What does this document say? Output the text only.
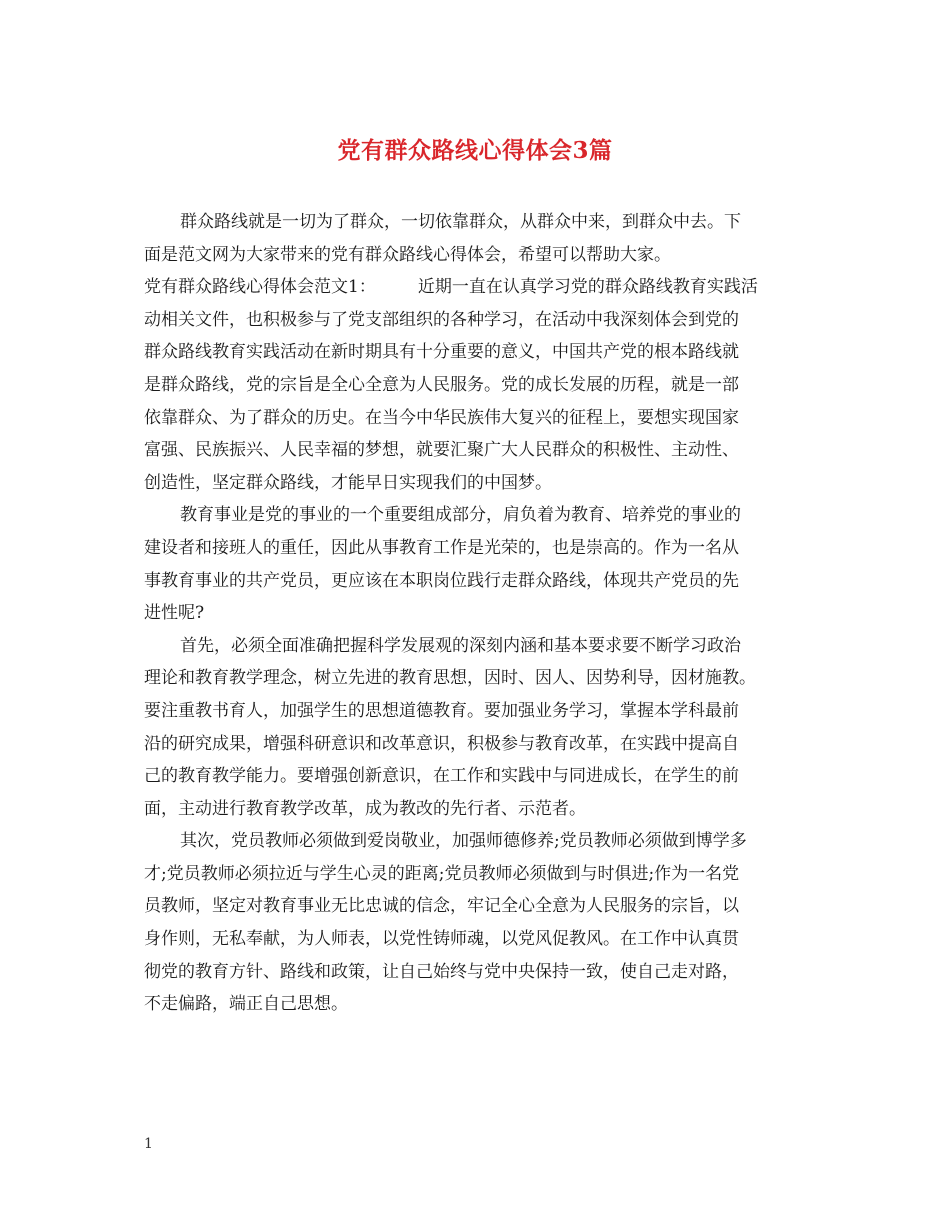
党有群众路线心得体会3篇
群众路线就是一切为了群众，一切依靠群众，从群众中来，到群众中去。下
面是范文网为大家带来的党有群众路线心得体会，希望可以帮助大家。
党有群众路线心得体会范文1： 近期一直在认真学习党的群众路线教育实践活
动相关文件，也积极参与了党支部组织的各种学习，在活动中我深刻体会到党的
群众路线教育实践活动在新时期具有十分重要的意义，中国共产党的根本路线就
是群众路线，党的宗旨是全心全意为人民服务。党的成长发展的历程，就是一部
依靠群众、为了群众的历史。在当今中华民族伟大复兴的征程上，要想实现国家
富强、民族振兴、人民幸福的梦想，就要汇聚广大人民群众的积极性、主动性、
创造性，坚定群众路线，才能早日实现我们的中国梦。
教育事业是党的事业的一个重要组成部分，肩负着为教育、培养党的事业的
建设者和接班人的重任，因此从事教育工作是光荣的，也是崇高的。作为一名从
事教育事业的共产党员，更应该在本职岗位践行走群众路线，体现共产党员的先
进性呢?
首先，必须全面准确把握科学发展观的深刻内涵和基本要求要不断学习政治
理论和教育教学理念，树立先进的教育思想，因时、因人、因势利导，因材施教。
要注重教书育人，加强学生的思想道德教育。要加强业务学习，掌握本学科最前
沿的研究成果，增强科研意识和改革意识，积极参与教育改革，在实践中提高自
己的教育教学能力。要增强创新意识，在工作和实践中与同进成长，在学生的前
面，主动进行教育教学改革，成为教改的先行者、示范者。
其次，党员教师必须做到爱岗敬业，加强师德修养;党员教师必须做到博学多
才;党员教师必须拉近与学生心灵的距离;党员教师必须做到与时俱进;作为一名党
员教师，坚定对教育事业无比忠诚的信念，牢记全心全意为人民服务的宗旨，以
身作则，无私奉献，为人师表，以党性铸师魂，以党风促教风。在工作中认真贯
彻党的教育方针、路线和政策，让自己始终与党中央保持一致，使自己走对路，
不走偏路，端正自己思想。
1
